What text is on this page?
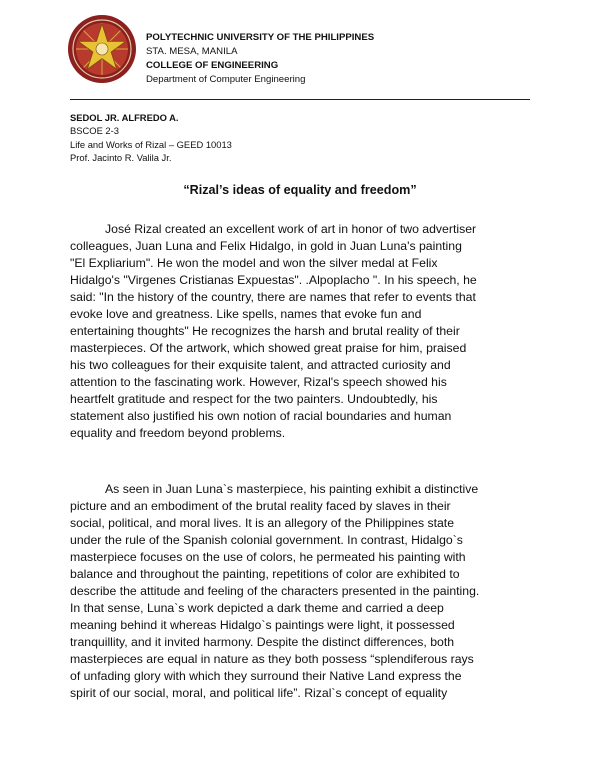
POLYTECHNIC UNIVERSITY OF THE PHILIPPINES
STA. MESA, MANILA
COLLEGE OF ENGINEERING
Department of Computer Engineering
SEDOL JR. ALFREDO A.
BSCOE 2-3
Life and Works of Rizal – GEED 10013
Prof. Jacinto R. Valila Jr.
“Rizal’s ideas of equality and freedom”
José Rizal created an excellent work of art in honor of two advertiser
colleagues, Juan Luna and Felix Hidalgo, in gold in Juan Luna's painting
"El Expliarium". He won the model and won the silver medal at Felix
Hidalgo's "Virgenes Cristianas Expuestas". .Alpoplacho ". In his speech, he
said: "In the history of the country, there are names that refer to events that
evoke love and greatness. Like spells, names that evoke fun and
entertaining thoughts" He recognizes the harsh and brutal reality of their
masterpieces. Of the artwork, which showed great praise for him, praised
his two colleagues for their exquisite talent, and attracted curiosity and
attention to the fascinating work. However, Rizal's speech showed his
heartfelt gratitude and respect for the two painters. Undoubtedly, his
statement also justified his own notion of racial boundaries and human
equality and freedom beyond problems.
As seen in Juan Luna`s masterpiece, his painting exhibit a distinctive
picture and an embodiment of the brutal reality faced by slaves in their
social, political, and moral lives. It is an allegory of the Philippines state
under the rule of the Spanish colonial government. In contrast, Hidalgo`s
masterpiece focuses on the use of colors, he permeated his painting with
balance and throughout the painting, repetitions of color are exhibited to
describe the attitude and feeling of the characters presented in the painting.
In that sense, Luna`s work depicted a dark theme and carried a deep
meaning behind it whereas Hidalgo`s paintings were light, it possessed
tranquillity, and it invited harmony. Despite the distinct differences, both
masterpieces are equal in nature as they both possess “splendiferous rays
of unfading glory with which they surround their Native Land express the
spirit of our social, moral, and political life”. Rizal`s concept of equality
